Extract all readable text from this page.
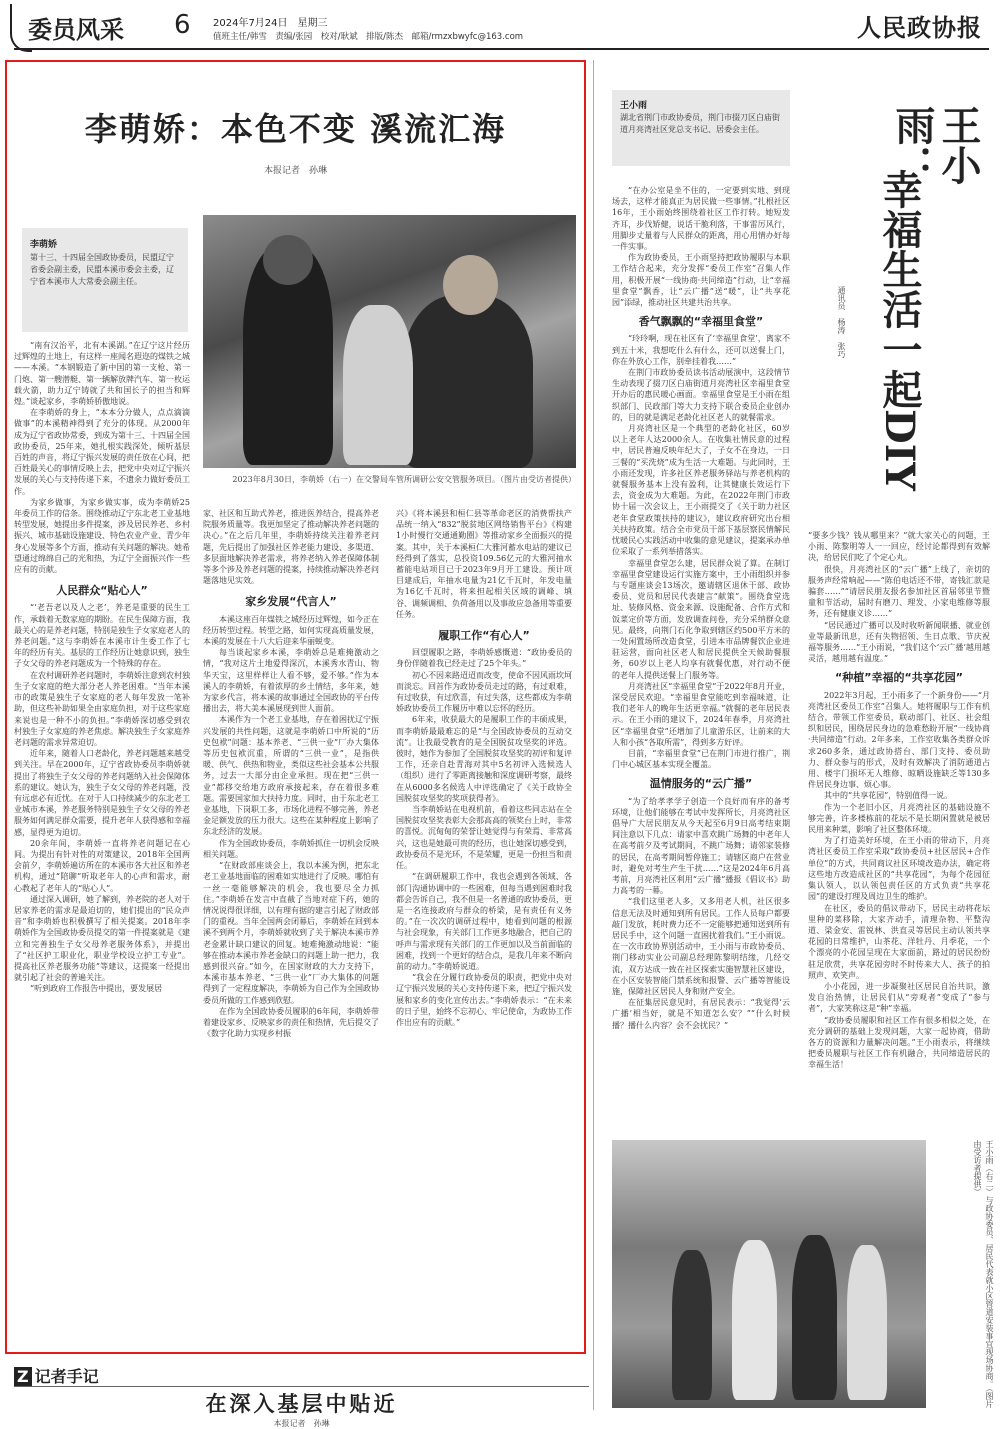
委员风采 6 2024年7月24日　星期三
值班主任/韩雪　责编/张园　校对/耿斌　排版/陈杰　邮箱/rmzxbwyfc@163.com	人民政协报
李萌娇：本色不变 溪流汇海
本报记者　孙琳
李萌娇
第十三、十四届全国政协委员，民盟辽宁省委会副主委，民盟本溪市委会主委，辽宁省本溪市人大常委会副主任。
2023年8月30日，李萌娇（右一）在交警局车管所调研公安交管服务项目。（图片由受访者提供）

“南有汉治平，北有本溪湖。”在辽宁这片经历过辉煌的土地上，有这样一座闻名遐迩的煤铁之城——本溪。“本钢锻造了新中国的第一支枪、第一门炮、第一艘潜艇、第一辆解放牌汽车、第一枚运载火箭，助力辽宁铸就了共和国长子的担当和辉煌。”谈起家乡，李萌娇骄傲地说。

在李萌娇的身上，“本本分分做人，点点滴滴做事”的本溪精神得到了充分的体现。从2000年成为辽宁省政协常委，到成为第十三、十四届全国政协委员，25年来，她扎根实践深处，倾听基层百姓的声音，将辽宁振兴发展的责任放在心间，把百姓最关心的事情反映上去，把党中央对辽宁振兴发展的关心与支持传递下来，不遗余力做好委员工作。

为家乡做事，为家乡做实事，成为李萌娇25年委员工作的信条。围绕推动辽宁东北老工业基地转型发展，她提出多件提案，涉及居民养老、乡村振兴、城市基础设施建设、特色农业产业、青少年身心发展等多个方面，推动有关问题的解决。她希望通过绵绵自己的光和热，为辽宁全面振兴作一些应有的贡献。

人民群众“贴心人”

“‘老吾老以及人之老’，养老是重要的民生工作，承载着无数家庭的期盼。在民生保障方面，我最关心的是养老问题，特别是独生子女家庭老人的养老问题。”这与李萌娇在本溪市计生委工作了七年的经历有关。基层的工作经历让她意识到，独生子女父母的养老问题成为一个特殊的存在。

在农村调研养老问题时，李萌娇注意到农村独生子女家庭的绝大部分老人养老困难。“当年本溪市的政策是独生子女家庭的老人每年发放一笔补助，但这些补助如果全由家庭负担，对于这些家庭来说也是一种不小的负担。”李萌娇深切感受到农村独生子女家庭的养老焦虑。解决独生子女家庭养老问题的需求异常迫切。

近年来，随着人口老龄化，养老问题越来越受到关注。早在2000年，辽宁省政协委员李萌娇就提出了将独生子女父母的养老问题纳入社会保障体系的建议。她认为，独生子女父母的养老问题，没有远虑必有近忧。在对于人口持续减少的东北老工业城市本溪，养老服务特别是独生子女父母的养老服务如何满足群众需要，提升老年人获得感和幸福感，显得更为迫切。

20余年间，李萌娇一直将养老问题记在心间。为提出有针对性的对策建议，2018年全国两会前夕，李萌娇遍访所在的本溪市各大社区和养老机构，通过“陪聊”听取老年人的心声和需求，耐心教起了老年人的“贴心人”。

通过深入调研，她了解到，养老院的老人对于居家养老的需求是最迫切的，她们提出的“民众声音”和李萌娇也积极撰写了相关提案。2018年李萌娇作为全国政协委员提交的第一件提案就是《建立和完善独生子女父母养老服务体系》，并提出了“社区护工职业化，职业学校设立护工专业”。提高社区养老服务功能”等建议，这提案一经提出就引起了社会的普遍关注。

“听到政府工作报告中提出，要发展居

家、社区和互助式养老，推进医养结合，提高养老院服务质量等。我更加坚定了推动解决养老问题的决心。”在之后几年里，李萌娇持续关注着养老问题，先后提出了加强社区养老能力建设、多渠道、多层面地解决养老需求，将养老纳入养老保障体制等多个涉及养老问题的提案，持续推动解决养老问题落地见实效。

家乡发展“代言人”

本溪这座百年煤铁之城经历过辉煌，如今正在经历转型过程。转型之路，如何实现高质量发展，本溪的发展在十八大后迎来华丽蜕变。

每当谈起家乡本溪，李萌娇总是难掩激动之情，“我对这片土地爱得深沉，本溪秀水青山、物华天宝，这里样样让人看不够，爱不够。”作为本溪人的李萌娇，有着浓厚的乡土情结，多年来，她为家乡代言，将本溪的故事通过全国政协的平台传播出去，将大美本溪展现到世人面前。

本溪作为一个老工业基地，存在着困扰辽宁振兴发展的共性问题，这就是李萌娇口中所说的“历史包袱”问题：基本养老、“三供一业”厂办大集体等历史包袱沉重，所谓的“三供一业”，是指供暖、供气、供热和物业，类似这些社会基本公共服务，过去一大部分由企业承担。现在把“三供一业”都移交给地方政府承接起来，存在着很多难题。需要国家加大扶持力度。同时，由于东北老工业基地，下岗职工多，市场化进程不够完善，养老金足额发放的压力很大。这些在某种程度上影响了东北经济的发展。

作为全国政协委员，李萌娇抓住一切机会反映相关问题。

“在财政部座谈会上，我以本溪为例，把东北老工业基地面临的困难如实地进行了反映。哪怕有一丝一毫能够解决的机会，我也要尽全力抓住。”李萌娇在发言中直截了当地对症下药，她的情况说得很详细，以有理有据的建言引起了财政部门的重视。当年全国两会闭幕后，李萌娇在回到本溪不到两个月，李萌娇就收到了关于解决本溪市养老金累计缺口建议的回复。她难掩激动地说：“能够在推动本溪市养老金缺口的问题上助一把力，我感到很兴奋。”如今，在国家财政的大力支持下，本溪市基本养老、“三供一业”厂办大集体的问题得到了一定程度解决，李萌娇为自己作为全国政协委员所做的工作感到欣慰。

在作为全国政协委员履职的6年间，李萌娇带着建设家乡、反映家乡的责任和热情，先后提交了《数字化助力实现乡村振

兴》《将本溪县和桓仁县等革命老区的消费帮扶产品统一纳入“832”脱贫地区网络销售平台》《构建1小时慢行交通通勤圈》等推动家乡全面振兴的提案。其中，关于本溪桓仁大雅河蓄水电站的建议已经得到了落实，总投资109.56亿元的大雅河抽水蓄能电站项目已于2023年9月开工建设。预计项目建成后，年抽水电量为21亿千瓦时，年发电量为16亿千瓦时，将来担起相关区域的调峰、填谷、调频调相、负荷备用以及事故应急备用等重要任务。

履职工作“有心人”

回望履职之路，李萌娇感慨道：“政协委员的身份伴随着我已经走过了25个年头。”

初心不因来路迢迢而改变，使命不因风雨坎坷而淡忘。回首作为政协委员走过的路，有过艰难，有过收获，有过欣喜，有过失落，这些都成为李萌娇政协委员工作履历中难以忘怀的经历。

6年来，收获最大的是履职工作的丰硕成果，而李萌娇最最难忘的是“与全国政协委员的互动交流”。让我最受教育的是全国脱贫攻坚奖的评选。彼时，她作为参加了全国脱贫攻坚奖的初评和复评工作，还亲自赴青海对其中5名初评入选候选人（组织）进行了零距离接触和深度调研考察，最终在从6000多名候选人中评选确定了《关于政协全国脱贫攻坚奖的奖项获得者》。

当李萌娇站在电视机前，看着这些同志站在全国脱贫攻坚奖表彰大会那高高的领奖台上时，非常的喜悦。沉甸甸的荣誉让她觉得与有荣焉、非常高兴，这也是她最可贵的经历，也让她深切感受到，政协委员不是光环，不是荣耀，更是一份担当和责任。

“在调研履职工作中，我也会遇到各领域、各部门沟通协调中的一些困难，但每当遇到困难时我都会告诉自己，我不但是一名普通的政协委员，更是一名连接政府与群众的桥梁，是有责任有义务的。”在一次次的调研过程中，她看到问题的根源与社会现象，有关部门工作更多地融合，把自己的呼声与需求现有关部门的工作更加以及当前面临的困难，找到一个更好的结合点，是我几年来不断向前的动力。”李萌娇说道。

“我会在分履行政协委员的职责，把党中央对辽宁振兴发展的关心支持传递下来，把辽宁振兴发展和家乡的变化宣传出去。”李萌娇表示：“在未来的日子里，始终不忘初心、牢记使命，为政协工作作出应有的贡献。”

Z 记者手记
在深入基层中贴近
本报记者　孙琳
王小雨
湖北省荆门市政协委员，荆门市掇刀区白庙街道月亮湾社区党总支书记、居委会主任。	王小雨：
幸福生活一起DIY
通讯员　杨涛　张巧

“在办公室是坐不住的，一定要到实地、到现场去，这样才能真正为居民做一些事情。”扎根社区16年，王小雨始终围绕着社区工作打转。她短发齐耳，步伐矫健，说话干脆利落，干事雷厉风行，用脚步丈量着与人民群众的距离，用心用情办好每一件实事。

作为政协委员，王小雨坚持把政协履职与本职工作结合起来，充分发挥“委员工作室”召集人作用，积极开展“一线协商·共同缔造”行动，让“幸福里食堂”飘香，让“云广播”送“暖”，让“共享花园”添绿，推动社区共建共治共享。

香气飘飘的“幸福里食堂”

“玲玲啊，现在社区有了‘幸福里食堂’，离家不到五十米，我想吃什么有什么，还可以送餐上门，你在外放心工作，别牵挂着我……”

在荆门市政协委员读书活动展演中，这段情节生动表现了掇刀区白庙街道月亮湾社区幸福里食堂开办后的惠民暖心画面。幸福里食堂是王小雨在组织部门、民政部门等大力支持下联合委员企业创办的，目的就是满足老龄化社区老人的就餐需求。

月亮湾社区是一个典型的老龄化社区，60岁以上老年人达2000余人。在收集社情民意的过程中，居民普遍反映年纪大了，子女不在身边，一日三餐的“买洗烧”成为生活一大难题。与此同时，王小雨还发现，许多社区养老服务驿站与养老机构的就餐服务基本上没有盈利，让其健康长效运行下去，资金成为大难题。为此，在2022年荆门市政协十届一次会议上，王小雨提交了《关于助力社区老年食堂政策扶持的建议》，建议政府研究出台相关扶持政策。结合全市党员干部下基层察民情解民忧暖民心实践活动中收集的意见建议，提案承办单位采取了一系列举措落实。

幸福里食堂怎么建，居民群众说了算。在制订幸福里食堂建设运行实施方案中，王小雨组织并参与专题座谈会13场次，邀请辖区退休干部、政协委员、党员和居民代表建言“献策”。围绕食堂选址、装修风格、资金来源、设施配备、合作方式和饭菜定价等方面，发放调查问卷，充分采纳群众意见。最终，向荆门石化争取到辖区约500平方米的一处闲置场所改造食堂，引进本市品牌餐饮企业进驻运营，面向社区老人和居民提供全天候助餐服务，60岁以上老人均享有就餐优惠，对行动不便的老年人提供送餐上门服务等。

月亮湾社区“幸福里食堂”于2022年8月开业，深受居民欢迎。“幸福里食堂能吃到幸福味道，让我们老年人的晚年生活更幸福。”就餐的老年居民表示。在王小雨的建议下，2024年春季，月亮湾社区“幸福里食堂”还增加了儿童游乐区，让前来的大人和小孩“各取所需”，得到多方好评。

目前，“幸福里食堂”已在荆门市进行推广，荆门中心城区基本实现全覆盖。

温情服务的“云广播”

“为了给孝孝学子创造一个良好而有序的备考环境，让他们能够在考试中发挥所长，月亮湾社区倡导广大居民朋友从今天起至6月9日高考结束期间注意以下几点：请家中喜欢跳广场舞的中老年人在高考前夕及考试期间，不跳广场舞；请邻家装修的居民，在高考期间暂停施工；请辖区商户在营业时，避免对考生产生干扰……”这是2024年6月高考前，月亮湾社区利用“云广播”播报《倡议书》助力高考的一幕。

“我们这里老人多，又多用老人机，社区很多信息无法及时通知到所有居民。工作人员每户都要敲门发放，耗时费力还不一定能够把通知送到所有居民手中，这个问题一直困扰着我们。”王小雨说。在一次市政协界别活动中，王小雨与市政协委员、荆门移动实业公司副总经理陈黎明结缘，几经交流，双方达成一致在社区探索实施智慧社区建设，在小区安装智能门禁系统和报警、云广播等智能设施，保障社区居民人身和财产安全。

在征集居民意见时，有居民表示：“我觉得‘云广播’相当好，就是不知道怎么安？”“什么时候播？播什么内容？会不会扰民？”

“要多少钱？钱从哪里来？”就大家关心的问题，王小雨、陈黎明等人一一回应，经讨论都得到有效解决，给居民们吃了个定心丸。

很快，月亮湾社区的“云广播”上线了，亲切的服务声经常响起——“陈伯电话还不带，寄钱汇款是骗套……”“请居民朋友报名参加社区首届邻里节暨童和节活动，届时有磨刀、理发、小家电维修等服务，还有健康义诊……”

“居民通过广播可以及时收听新闻联播、就业创业等最新讯息，还有失物招领、生日点歌、节庆祝福等服务……”王小雨说，“我们这个‘云广播’越用越灵活，越用越有温度。”

“种植”幸福的“共享花园”

2022年3月起，王小雨多了一个新身份——“月亮湾社区委员工作室”召集人。她将履职与工作有机结合，带领工作室委员，联动部门、社区、社会组织和居民，围绕居民身边的急难愁盼开展“一线协商·共同缔造”行动。2年多来，工作室收集各类群众诉求260多条，通过政协搭台、部门支持、委员助力、群众参与的形式，及时有效解决了消防通道占用、楼宇门损坏无人维修、晾晒设施缺乏等130多件居民身边事、烦心事。

其中的“共享花园”，特别值得一说。

作为一个老旧小区，月亮湾社区的基础设施不够完善，许多楼栋前的花坛不是长期闲置就是被居民用来种菜，影响了社区整体环境。

为了打造美好环境，在王小雨的带动下，月亮湾社区委员工作室采取“政协委员+社区居民+合作单位”的方式，共同商议社区环境改造办法，确定将这些地方改造成社区的“共享花园”，为每个花园征集认领人，以认领包责任区的方式负责“共享花园”的建设打理及周边卫生的维护。

在社区，委员的倡议带动下，居民主动将花坛里种的菜移除，大家齐动手，清理杂物、平整沟道、梁金安、雷锐林、洪直灵等居民主动认领共享花园的日常维护，山茶花、洋牡丹、月季花，一个个漂亮的小花园呈现在大家面前，路过的居民纷纷驻足欣赏，共享花园旁时不时传来大人、孩子的拍照声、欢笑声。

小小花园，进一步凝聚社区居民自治共识，激发自治热情，让居民们从“旁观者”变成了“参与者”，大家笑称这是“种”幸福。

“政协委员履职和社区工作有很多相似之处，在充分调研的基础上发现问题，大家一起协商，借助各方的资源和力量解决问题。”王小雨表示，将继续把委员履职与社区工作有机融合，共同缔造居民的幸福生活！

王小雨（右二）与政协委员、居民代表就小区管道安装事宜现场协商。（图片由受访者提供）
